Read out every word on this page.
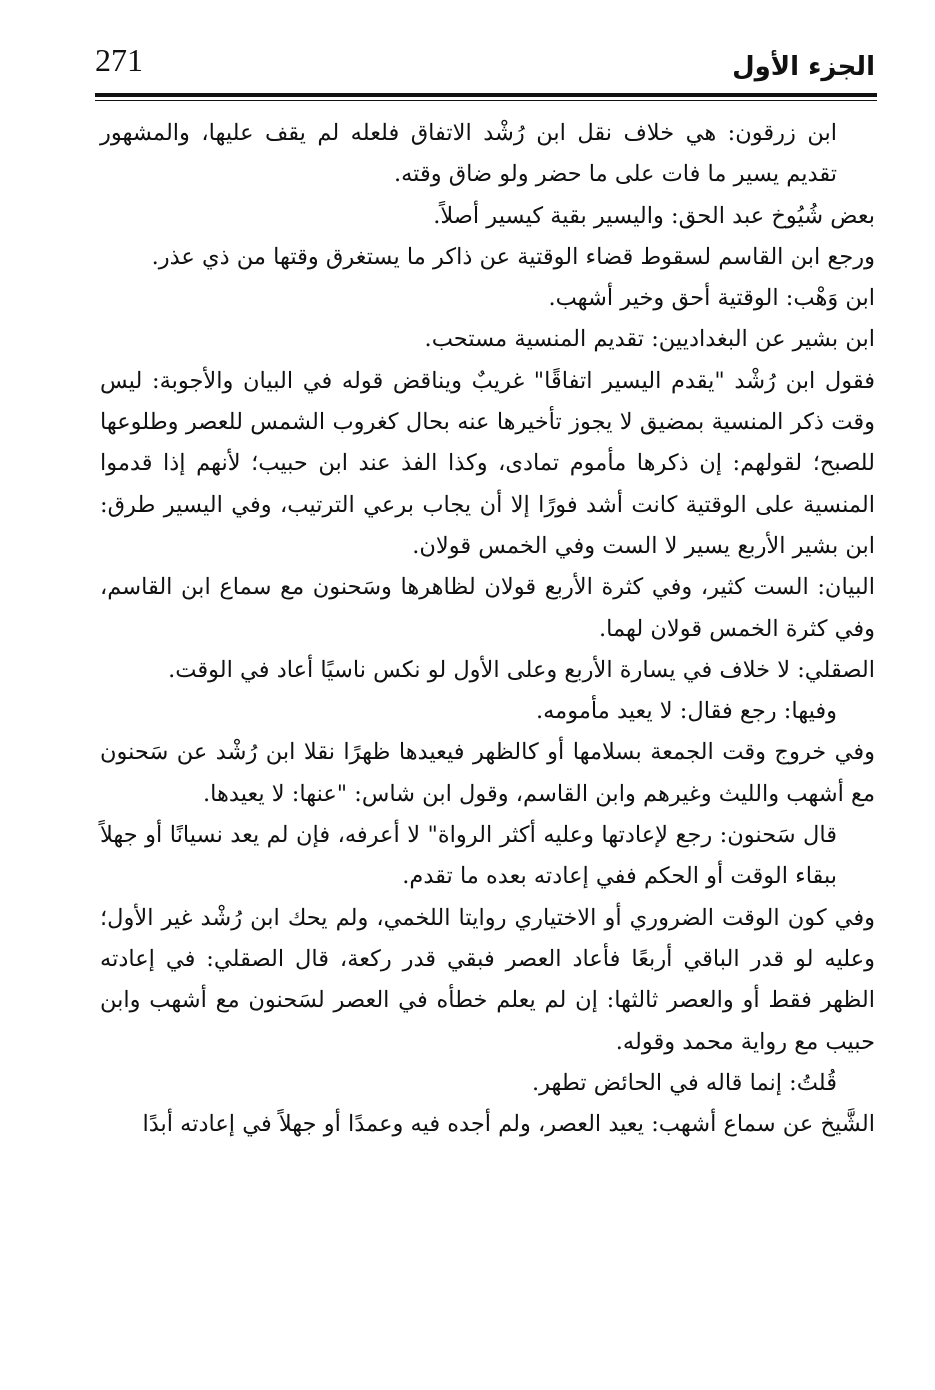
271	الجزء الأول

ابن زرقون: هي خلاف نقل ابن رُشْد الاتفاق فلعله لم يقف عليها، والمشهور تقديم يسير ما فات على ما حضر ولو ضاق وقته.

بعض شُيُوخ عبد الحق: واليسير بقية كيسير أصلاً.

ورجع ابن القاسم لسقوط قضاء الوقتية عن ذاكر ما يستغرق وقتها من ذي عذر.

ابن وَهْب: الوقتية أحق وخير أشهب.

ابن بشير عن البغداديين: تقديم المنسية مستحب.

فقول ابن رُشْد "يقدم اليسير اتفاقًا" غريبٌ ويناقض قوله في البيان والأجوبة: ليس وقت ذكر المنسية بمضيق لا يجوز تأخيرها عنه بحال كغروب الشمس للعصر وطلوعها للصبح؛ لقولهم: إن ذكرها مأموم تمادى، وكذا الفذ عند ابن حبيب؛ لأنهم إذا قدموا المنسية على الوقتية كانت أشد فورًا إلا أن يجاب برعي الترتيب، وفي اليسير طرق: ابن بشير الأربع يسير لا الست وفي الخمس قولان.

البيان: الست كثير، وفي كثرة الأربع قولان لظاهرها وسَحنون مع سماع ابن القاسم، وفي كثرة الخمس قولان لهما.

الصقلي: لا خلاف في يسارة الأربع وعلى الأول لو نكس ناسيًا أعاد في الوقت.

وفيها: رجع فقال: لا يعيد مأمومه.

وفي خروج وقت الجمعة بسلامها أو كالظهر فيعيدها ظهرًا نقلا ابن رُشْد عن سَحنون مع أشهب والليث وغيرهم وابن القاسم، وقول ابن شاس: "عنها: لا يعيدها.

قال سَحنون: رجع لإعادتها وعليه أكثر الرواة" لا أعرفه، فإن لم يعد نسيانًا أو جهلاً ببقاء الوقت أو الحكم ففي إعادته بعده ما تقدم.

وفي كون الوقت الضروري أو الاختياري روايتا اللخمي، ولم يحك ابن رُشْد غير الأول؛ وعليه لو قدر الباقي أربعًا فأعاد العصر فبقي قدر ركعة، قال الصقلي: في إعادته الظهر فقط أو والعصر ثالثها: إن لم يعلم خطأه في العصر لسَحنون مع أشهب وابن حبيب مع رواية محمد وقوله.

قُلتُ: إنما قاله في الحائض تطهر.

الشَّيخ عن سماع أشهب: يعيد العصر، ولم أجده فيه وعمدًا أو جهلاً في إعادته أبدًا
